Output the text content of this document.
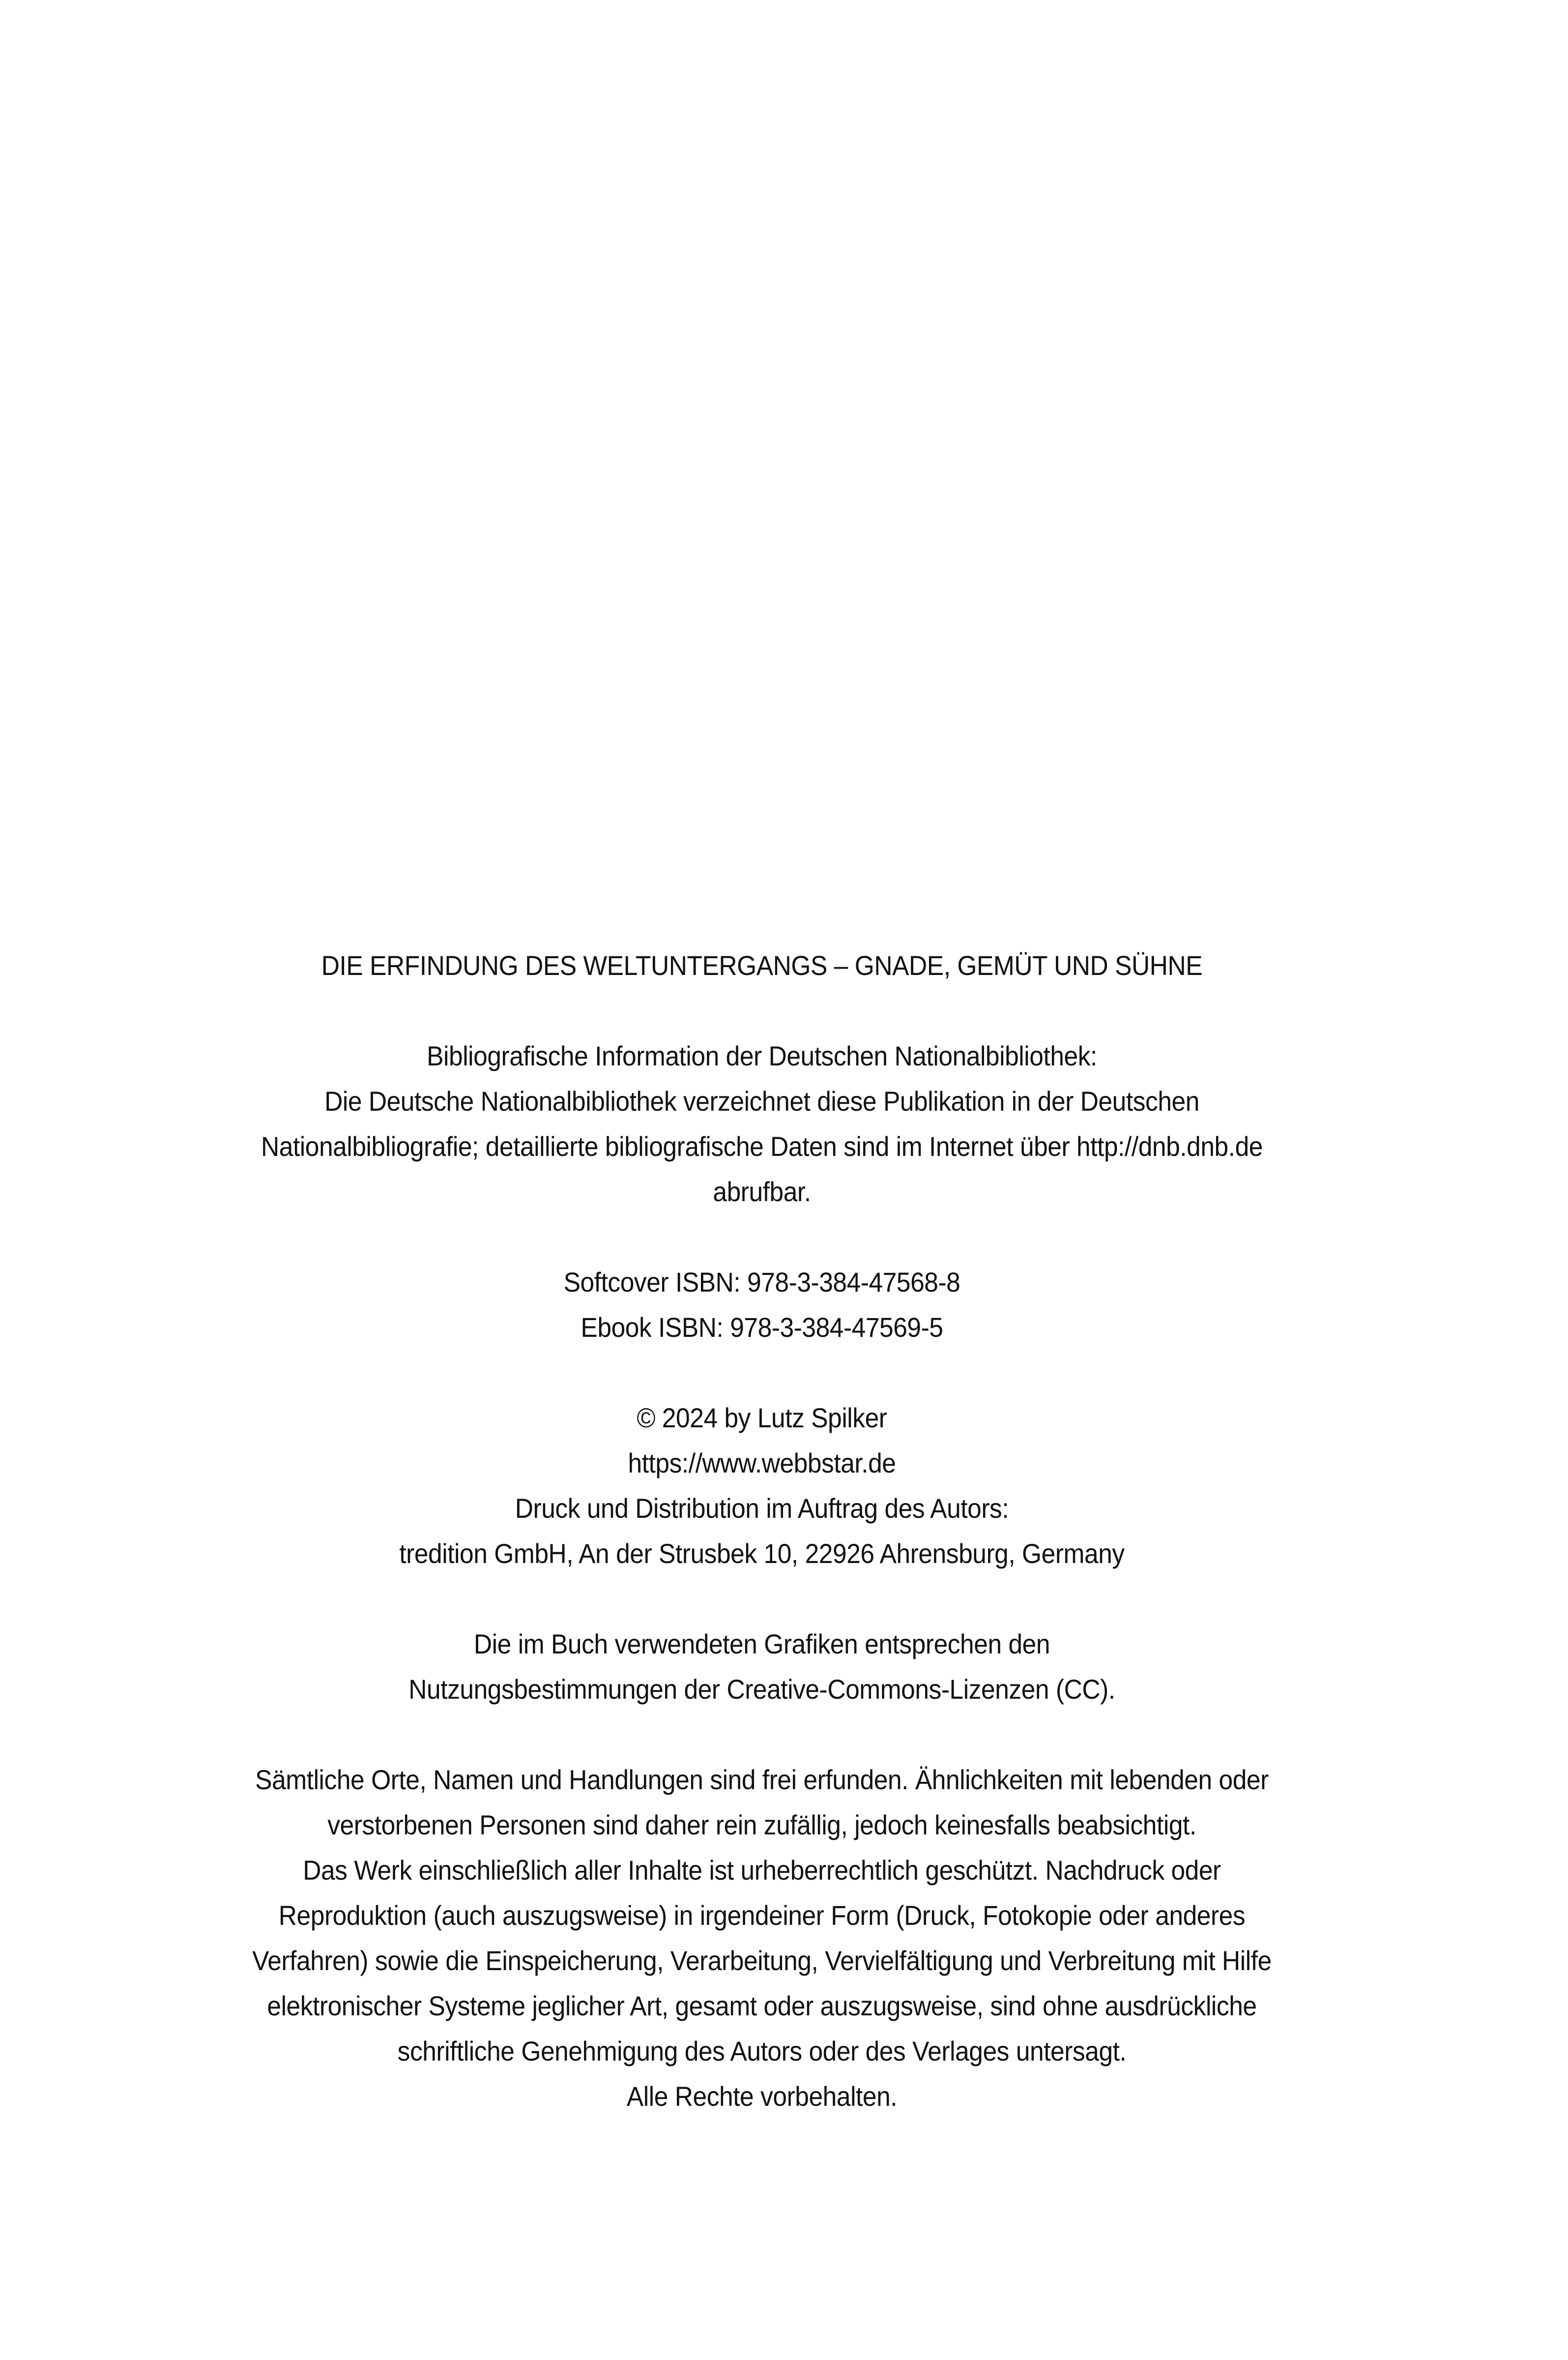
DIE ERFINDUNG DES WELTUNTERGANGS – GNADE, GEMÜT UND SÜHNE
Bibliografische Information der Deutschen Nationalbibliothek:
Die Deutsche Nationalbibliothek verzeichnet diese Publikation in der Deutschen
Nationalbibliografie; detaillierte bibliografische Daten sind im Internet über http://dnb.dnb.de
abrufbar.
Softcover ISBN: 978-3-384-47568-8
Ebook ISBN: 978-3-384-47569-5
© 2024 by Lutz Spilker
https://www.webbstar.de
Druck und Distribution im Auftrag des Autors:
tredition GmbH, An der Strusbek 10, 22926 Ahrensburg, Germany
Die im Buch verwendeten Grafiken entsprechen den
Nutzungsbestimmungen der Creative-Commons-Lizenzen (CC).
Sämtliche Orte, Namen und Handlungen sind frei erfunden. Ähnlichkeiten mit lebenden oder
verstorbenen Personen sind daher rein zufällig, jedoch keinesfalls beabsichtigt.
Das Werk einschließlich aller Inhalte ist urheberrechtlich geschützt. Nachdruck oder
Reproduktion (auch auszugsweise) in irgendeiner Form (Druck, Fotokopie oder anderes
Verfahren) sowie die Einspeicherung, Verarbeitung, Vervielfältigung und Verbreitung mit Hilfe
elektronischer Systeme jeglicher Art, gesamt oder auszugsweise, sind ohne ausdrückliche
schriftliche Genehmigung des Autors oder des Verlages untersagt.
Alle Rechte vorbehalten.
